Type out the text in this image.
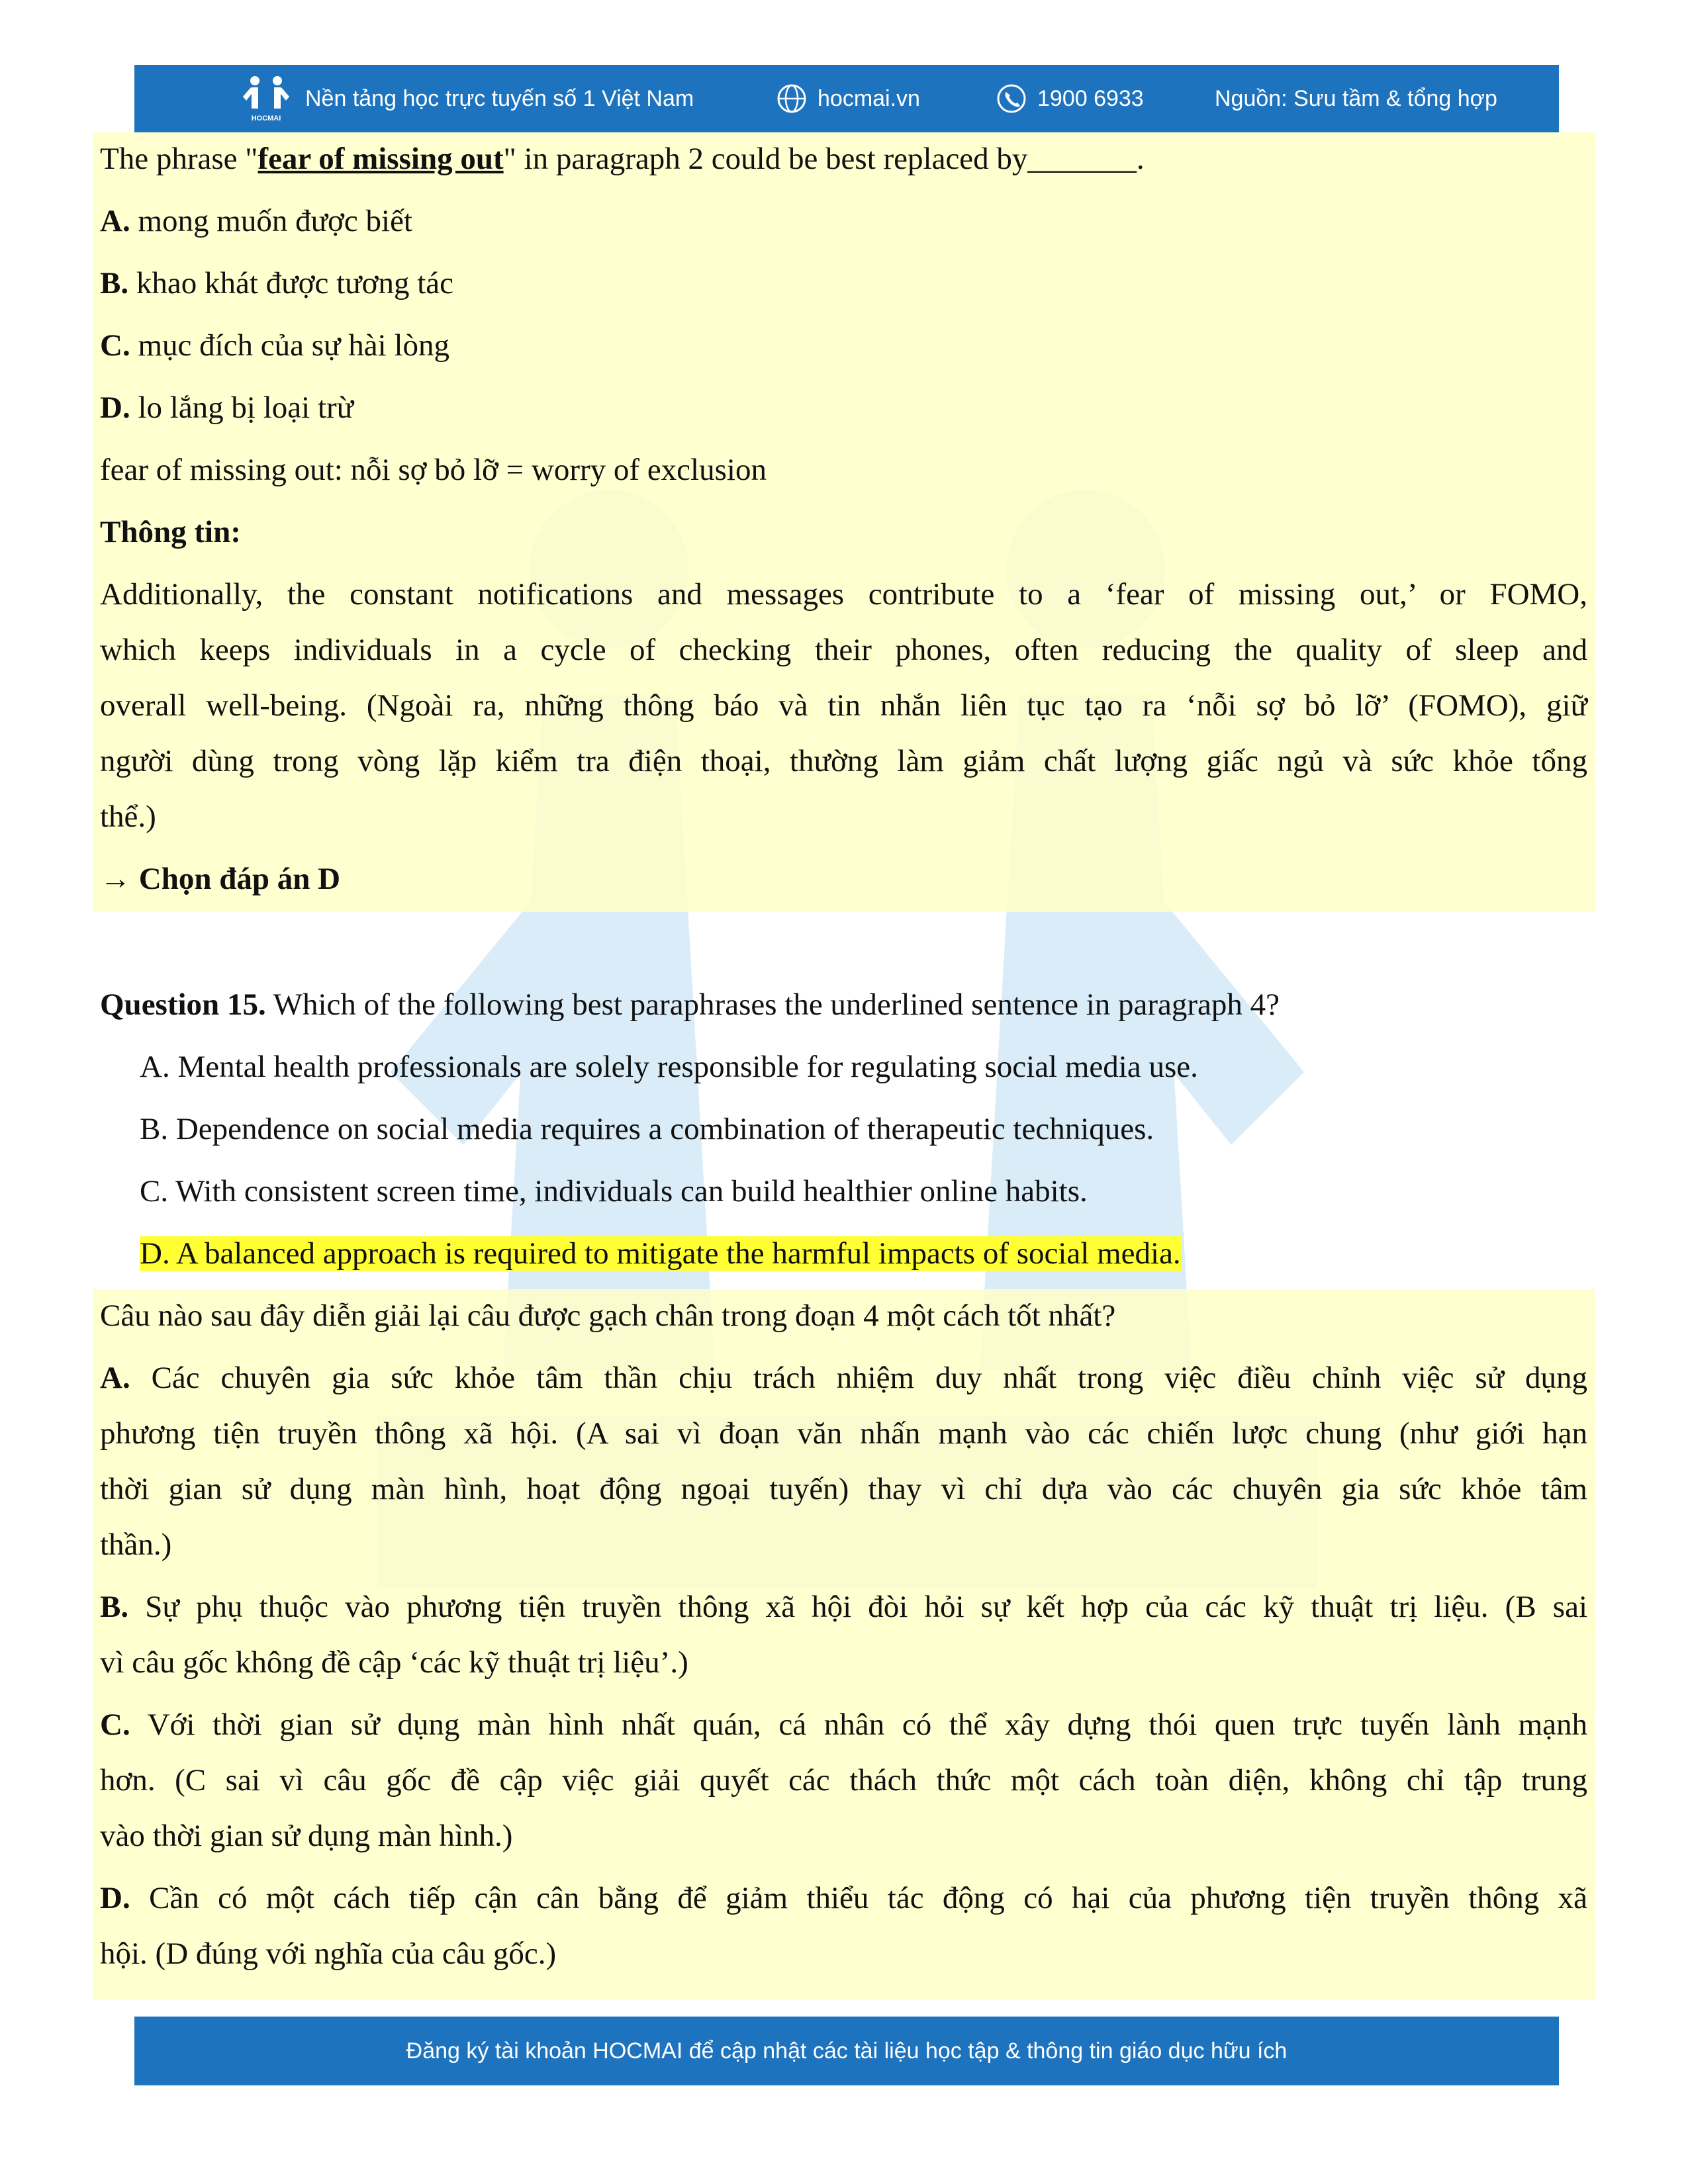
HOCMAI
Nền tảng học trực tuyến số 1 Việt Nam	hocmai.vn	1900 6933	Nguồn: Sưu tầm & tổng hợp
The phrase "fear of missing out" in paragraph 2 could be best replaced by_______.
A. mong muốn được biết
B. khao khát được tương tác
C. mục đích của sự hài lòng
D. lo lắng bị loại trừ
fear of missing out: nỗi sợ bỏ lỡ = worry of exclusion
Thông tin:
Additionally, the constant notifications and messages contribute to a ‘fear of missing out,’ or FOMO,
which keeps individuals in a cycle of checking their phones, often reducing the quality of sleep and
overall well-being. (Ngoài ra, những thông báo và tin nhắn liên tục tạo ra ‘nỗi sợ bỏ lỡ’ (FOMO), giữ
người dùng trong vòng lặp kiểm tra điện thoại, thường làm giảm chất lượng giấc ngủ và sức khỏe tổng
thể.)
→ Chọn đáp án D
Question 15. Which of the following best paraphrases the underlined sentence in paragraph 4?
A. Mental health professionals are solely responsible for regulating social media use.
B. Dependence on social media requires a combination of therapeutic techniques.
C. With consistent screen time, individuals can build healthier online habits.
D. A balanced approach is required to mitigate the harmful impacts of social media.
Câu nào sau đây diễn giải lại câu được gạch chân trong đoạn 4 một cách tốt nhất?
A. Các chuyên gia sức khỏe tâm thần chịu trách nhiệm duy nhất trong việc điều chỉnh việc sử dụng
phương tiện truyền thông xã hội. (A sai vì đoạn văn nhấn mạnh vào các chiến lược chung (như giới hạn
thời gian sử dụng màn hình, hoạt động ngoại tuyến) thay vì chỉ dựa vào các chuyên gia sức khỏe tâm
thần.)
B. Sự phụ thuộc vào phương tiện truyền thông xã hội đòi hỏi sự kết hợp của các kỹ thuật trị liệu. (B sai
vì câu gốc không đề cập ‘các kỹ thuật trị liệu’.)
C. Với thời gian sử dụng màn hình nhất quán, cá nhân có thể xây dựng thói quen trực tuyến lành mạnh
hơn. (C sai vì câu gốc đề cập việc giải quyết các thách thức một cách toàn diện, không chỉ tập trung
vào thời gian sử dụng màn hình.)
D. Cần có một cách tiếp cận cân bằng để giảm thiểu tác động có hại của phương tiện truyền thông xã
hội. (D đúng với nghĩa của câu gốc.)
Đăng ký tài khoản HOCMAI để cập nhật các tài liệu học tập & thông tin giáo dục hữu ích
